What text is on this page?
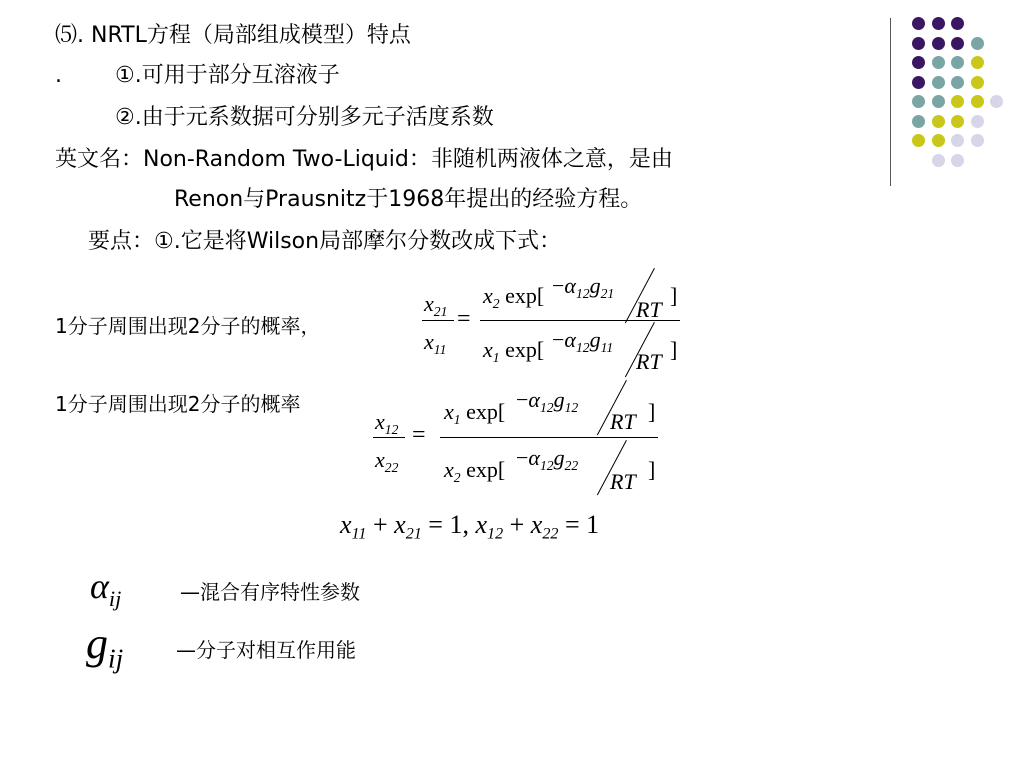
⑸. NRTL方程（局部组成模型）特点
. ①.可用于部分互溶液子
②.由于元系数据可分别多元子活度系数
英文名：Non-Random Two-Liquid：非随机两液体之意，是由
Renon与Prausnitz于1968年提出的经验方程。
要点：①.它是将Wilson局部摩尔分数改成下式：
1分子周围出现2分子的概率，
1分子周围出现2分子的概率
—混合有序特性参数
—分子对相互作用能
$x_{21}$
$x_{11}$
=
$x_2$ $\exp[ -\alpha_{12}g_{21}$
RT
]
$x_1$ $\exp[ -\alpha_{12}g_{11}$
RT ]
$x_{12}$
$x_{22}$
=
$x_1$ $\exp[ -\alpha_{12}g_{12}$
RT ]
$x_2$ $\exp[ -\alpha_{12}g_{22}$
RT ]
$x_{11} + x_{21} = 1$, $x_{12} + x_{22} = 1$
$\alpha_{ij}$
$g_{ij}$
